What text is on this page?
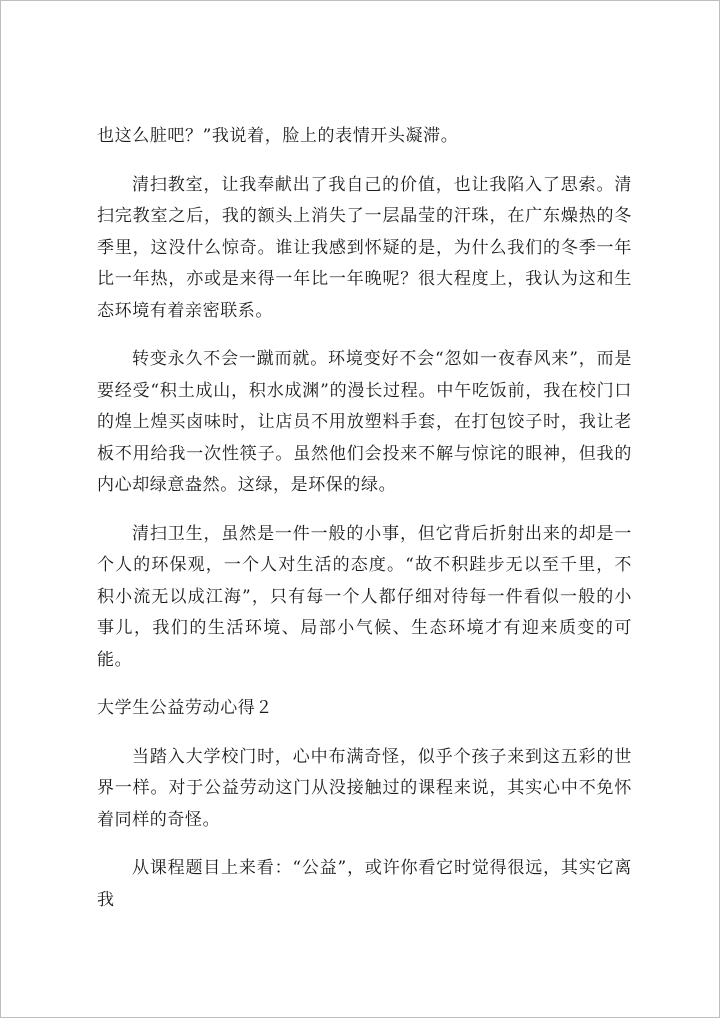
也这么脏吧？”我说着，脸上的表情开头凝滞。

清扫教室，让我奉献出了我自己的价值，也让我陷入了思索。清扫完教室之后，我的额头上消失了一层晶莹的汗珠，在广东燥热的冬季里，这没什么惊奇。谁让我感到怀疑的是，为什么我们的冬季一年比一年热，亦或是来得一年比一年晚呢？很大程度上，我认为这和生态环境有着亲密联系。

转变永久不会一蹴而就。环境变好不会“忽如一夜春风来”，而是要经受“积土成山，积水成渊”的漫长过程。中午吃饭前，我在校门口的煌上煌买卤味时，让店员不用放塑料手套，在打包饺子时，我让老板不用给我一次性筷子。虽然他们会投来不解与惊诧的眼神，但我的内心却绿意盎然。这绿，是环保的绿。

清扫卫生，虽然是一件一般的小事，但它背后折射出来的却是一个人的环保观，一个人对生活的态度。“故不积跬步无以至千里，不积小流无以成江海”，只有每一个人都仔细对待每一件看似一般的小事儿，我们的生活环境、局部小气候、生态环境才有迎来质变的可能。

大学生公益劳动心得２

当踏入大学校门时，心中布满奇怪，似乎个孩子来到这五彩的世界一样。对于公益劳动这门从没接触过的课程来说，其实心中不免怀着同样的奇怪。

从课程题目上来看：“公益”，或许你看它时觉得很远，其实它离我
